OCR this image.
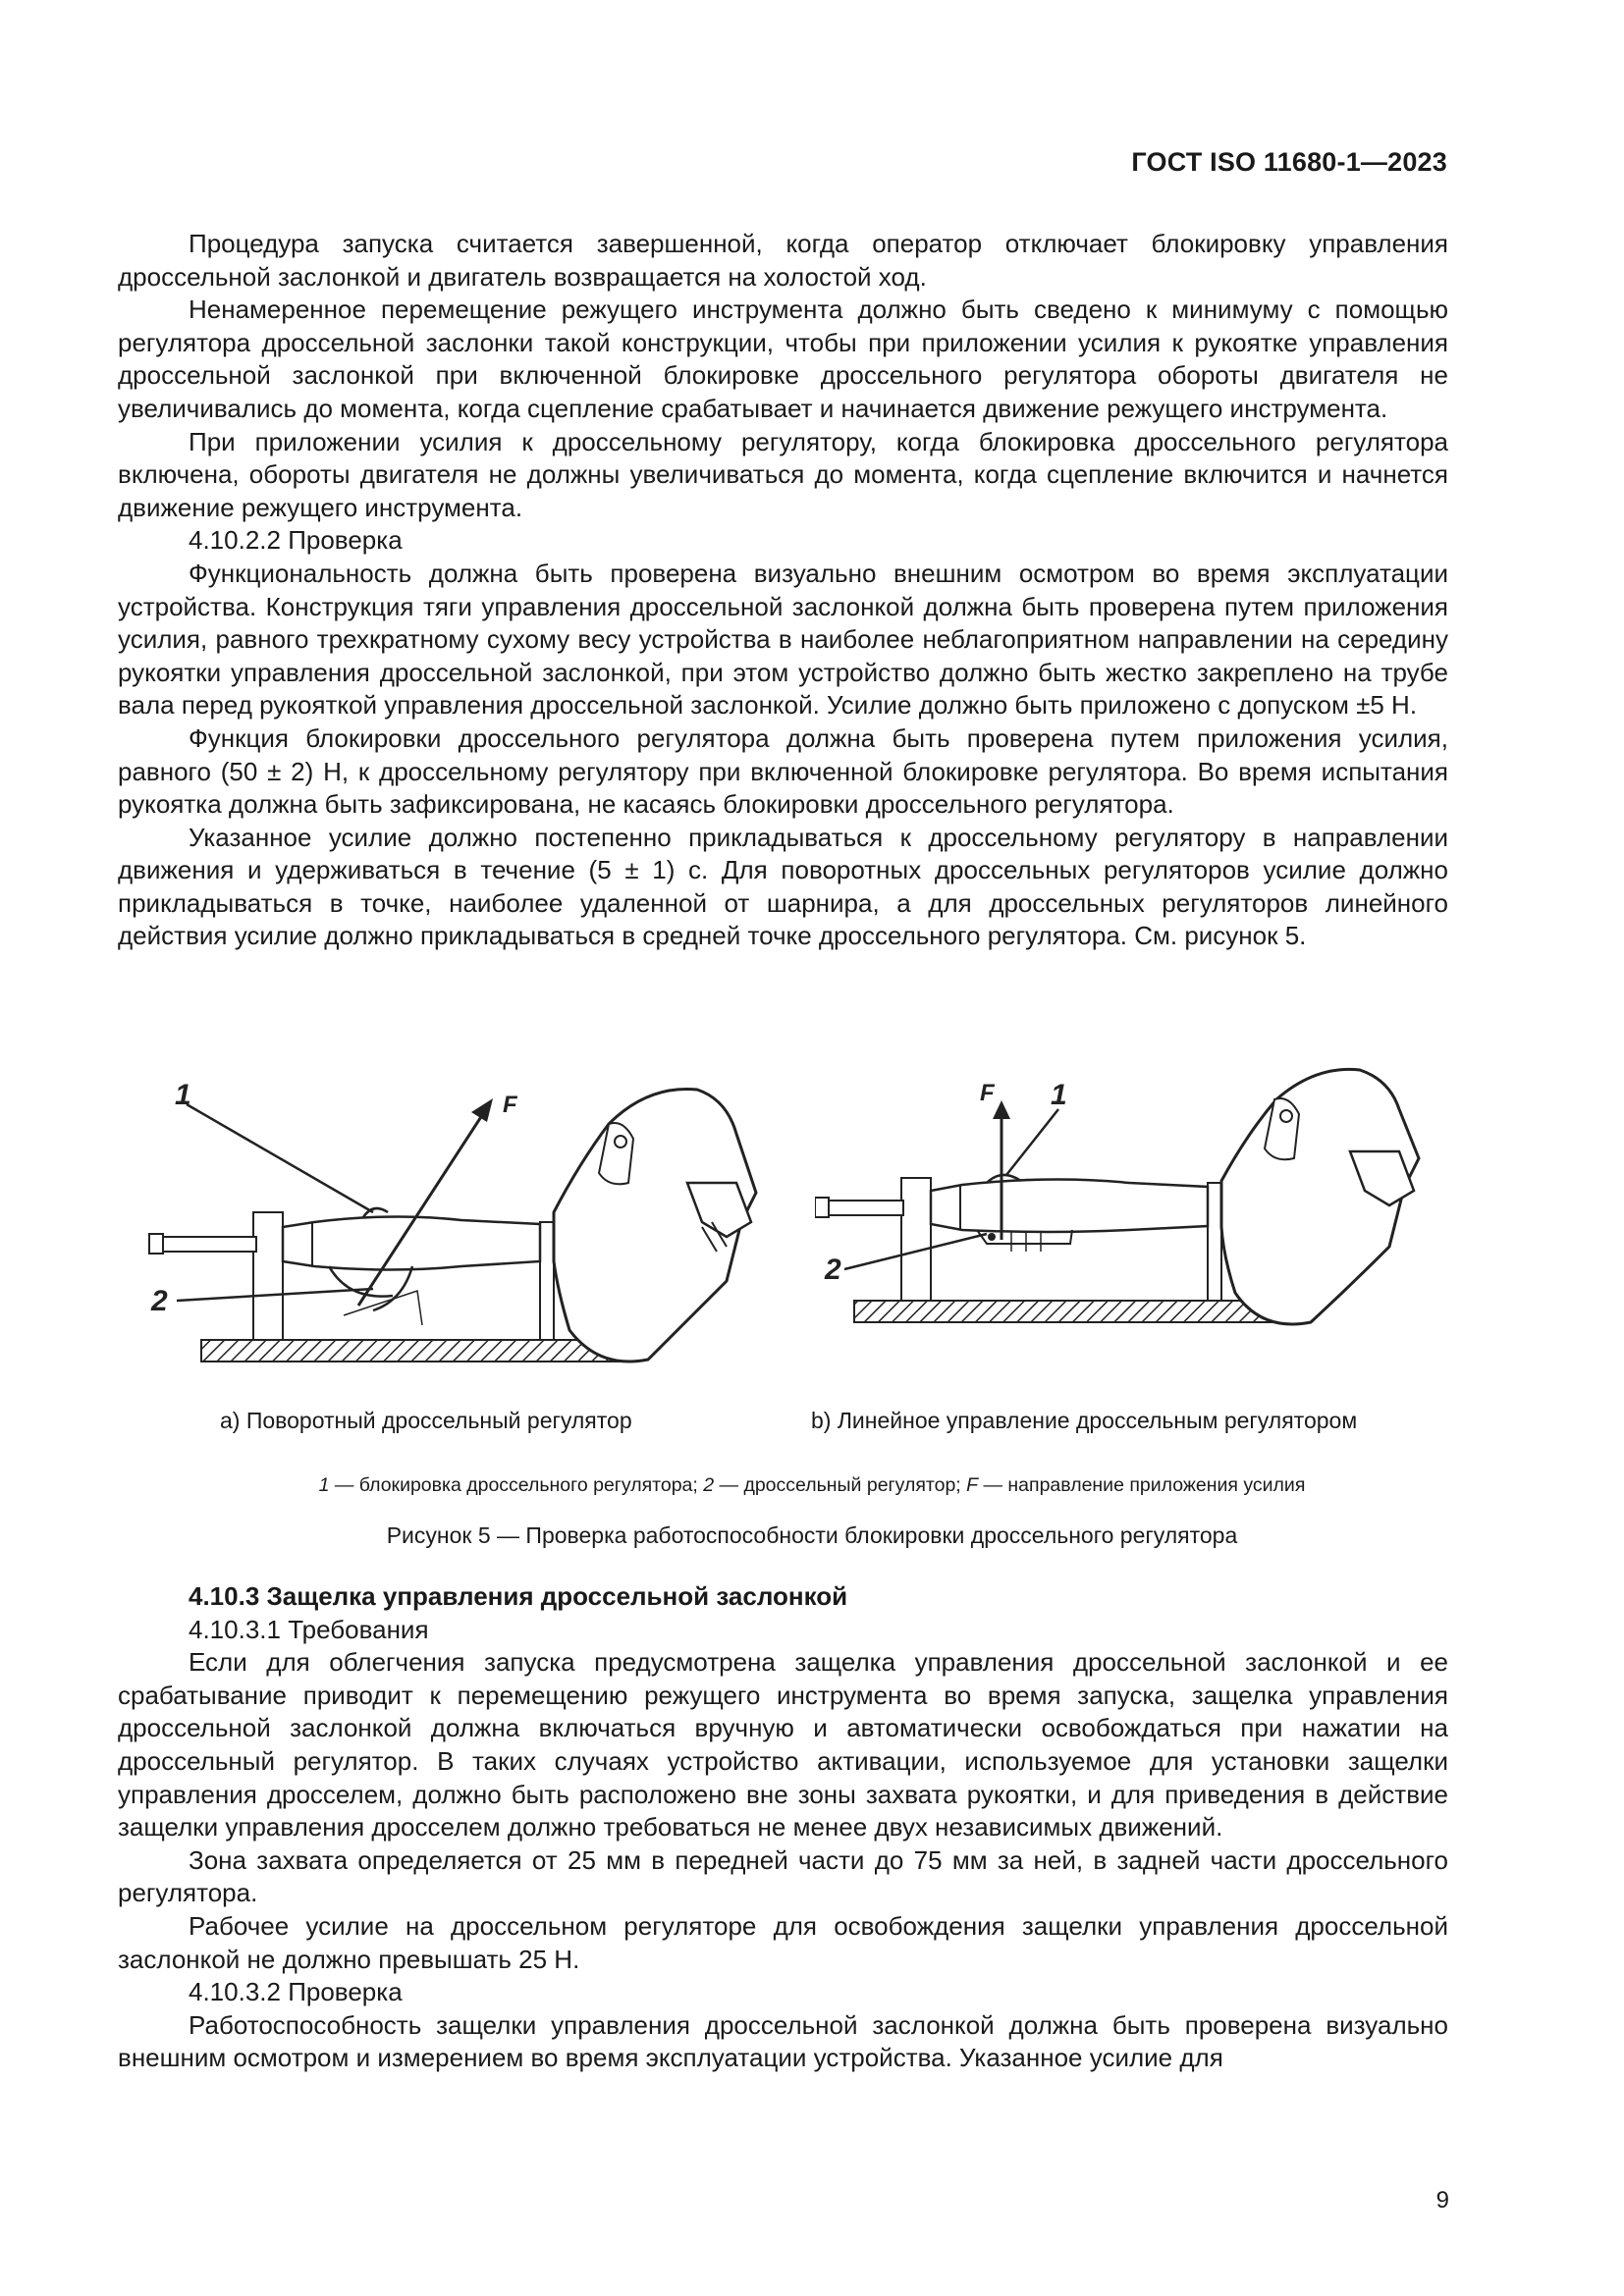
ГОСТ ISO 11680-1—2023

Процедура запуска считается завершенной, когда оператор отключает блокировку управления дроссельной заслонкой и двигатель возвращается на холостой ход.

Ненамеренное перемещение режущего инструмента должно быть сведено к минимуму с помощью регулятора дроссельной заслонки такой конструкции, чтобы при приложении усилия к рукоятке управления дроссельной заслонкой при включенной блокировке дроссельного регулятора обороты двигателя не увеличивались до момента, когда сцепление срабатывает и начинается движение режущего инструмента.

При приложении усилия к дроссельному регулятору, когда блокировка дроссельного регулятора включена, обороты двигателя не должны увеличиваться до момента, когда сцепление включится и начнется движение режущего инструмента.

4.10.2.2 Проверка

Функциональность должна быть проверена визуально внешним осмотром во время эксплуатации устройства. Конструкция тяги управления дроссельной заслонкой должна быть проверена путем приложения усилия, равного трехкратному сухому весу устройства в наиболее неблагоприятном направлении на середину рукоятки управления дроссельной заслонкой, при этом устройство должно быть жестко закреплено на трубе вала перед рукояткой управления дроссельной заслонкой. Усилие должно быть приложено с допуском ±5 Н.

Функция блокировки дроссельного регулятора должна быть проверена путем приложения усилия, равного (50 ± 2) Н, к дроссельному регулятору при включенной блокировке регулятора. Во время испытания рукоятка должна быть зафиксирована, не касаясь блокировки дроссельного регулятора.

Указанное усилие должно постепенно прикладываться к дроссельному регулятору в направлении движения и удерживаться в течение (5 ± 1) с. Для поворотных дроссельных регуляторов усилие должно прикладываться в точке, наиболее удаленной от шарнира, а для дроссельных регуляторов линейного действия усилие должно прикладываться в средней точке дроссельного регулятора. См. рисунок 5.

1	F
2
F 1
2
a) Поворотный дроссельный регулятор	b) Линейное управление дроссельным регулятором
1 — блокировка дроссельного регулятора; 2 — дроссельный регулятор; F — направление приложения усилия
Рисунок 5 — Проверка работоспособности блокировки дроссельного регулятора

4.10.3 Защелка управления дроссельной заслонкой

4.10.3.1 Требования

Если для облегчения запуска предусмотрена защелка управления дроссельной заслонкой и ее срабатывание приводит к перемещению режущего инструмента во время запуска, защелка управления дроссельной заслонкой должна включаться вручную и автоматически освобождаться при нажатии на дроссельный регулятор. В таких случаях устройство активации, используемое для установки защелки управления дросселем, должно быть расположено вне зоны захвата рукоятки, и для приведения в действие защелки управления дросселем должно требоваться не менее двух независимых движений.

Зона захвата определяется от 25 мм в передней части до 75 мм за ней, в задней части дроссельного регулятора.

Рабочее усилие на дроссельном регуляторе для освобождения защелки управления дроссельной заслонкой не должно превышать 25 Н.

4.10.3.2 Проверка

Работоспособность защелки управления дроссельной заслонкой должна быть проверена визуально внешним осмотром и измерением во время эксплуатации устройства. Указанное усилие для

9
